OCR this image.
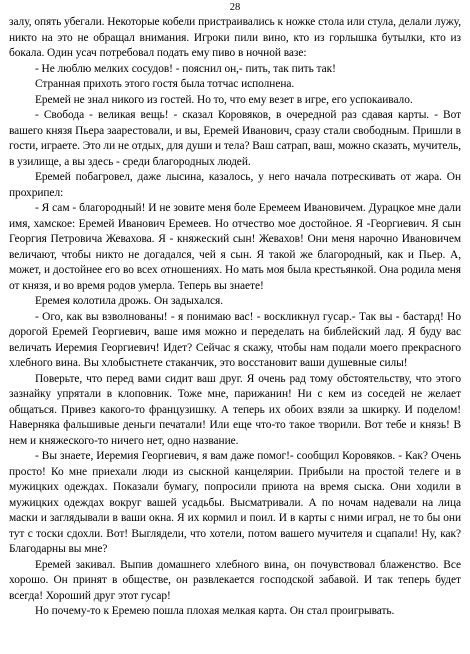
28

залу, опять убегали. Некоторые кобели пристраивались к ножке стола или стула, делали лужу, никто на это не обращал внимания. Игроки пили вино, кто из горлышка бутылки, кто из бокала. Один усач потребовал подать ему пиво в ночной вазе:

- Не люблю мелких сосудов! - пояснил он,- пить, так пить так!

Странная прихоть этого гостя была тотчас исполнена.

Еремей не знал никого из гостей. Но то, что ему везет в игре, его успокаивало.

- Свобода - великая вещь! - сказал Коровяков, в очередной раз сдавая карты. - Вот вашего князя Пьера заарестовали, и вы, Еремей Иванович, сразу стали свободным. Пришли в гости, играете. Это ли не отдых, для души и тела? Ваш сатрап, ваш, можно сказать, мучитель, в узилище, а вы здесь - среди благородных людей.

Еремей побагровел, даже лысина, казалось, у него начала потрескивать от жара. Он прохрипел:

- Я сам - благородный! И не зовите меня боле Еремеем Ивановичем. Дурацкое мне дали имя, хамское: Еремей Иванович Еремеев. Но отчество мое достойное. Я -Георгиевич. Я сын Георгия Петровича Жевахова. Я - княжеский сын! Жевахов! Они меня нарочно Ивановичем величают, чтобы никто не догадался, чей я сын. Я такой же благородный, как и Пьер. А, может, и достойнее его во всех отношениях. Но мать моя была крестьянкой. Она родила меня от князя, и во время родов умерла. Теперь вы знаете!

Еремея колотила дрожь. Он задыхался.

- Ого, как вы взволнованы! - я понимаю вас! - воскликнул гусар.- Так вы - бастард! Но дорогой Еремей Георгиевич, ваше имя можно и переделать на библейский лад. Я буду вас величать Иеремия Георгиевич! Идет? Сейчас я скажу, чтобы нам подали моего прекрасного хлебного вина. Вы хлобыстнете стаканчик, это восстановит ваши душевные силы!

Поверьте, что перед вами сидит ваш друг. Я очень рад тому обстоятельству, что этого зазнайку упрятали в клоповник. Тоже мне, парижанин! Ни с кем из соседей не желает общаться. Привез какого-то французишку. А теперь их обоих взяли за шкирку. И поделом! Наверняка фальшивые деньги печатали! Или еще что-то такое творили. Вот тебе и князь! В нем и княжеского-то ничего нет, одно название.

- Вы знаете, Иеремия Георгиевич, я вам даже помог!- сообщил Коровяков. - Как? Очень просто! Ко мне приехали люди из сыскной канцелярии. Прибыли на простой телеге и в мужицких одеждах. Показали бумагу, попросили приюта на время сыска. Они ходили в мужицких одеждах вокруг вашей усадьбы. Высматривали. А по ночам надевали на лица маски и заглядывали в ваши окна. Я их кормил и поил. И в карты с ними играл, не то бы они тут с тоски сдохли. Вот! Выглядели, что хотели, потом вашего мучителя и сцапали! Ну, как? Благодарны вы мне?

Еремей закивал. Выпив домашнего хлебного вина, он почувствовал блаженство. Все хорошо. Он принят в обществе, он развлекается господской забавой. И так теперь будет всегда! Хороший друг этот гусар!

Но почему-то к Еремею пошла плохая мелкая карта. Он стал проигрывать.
